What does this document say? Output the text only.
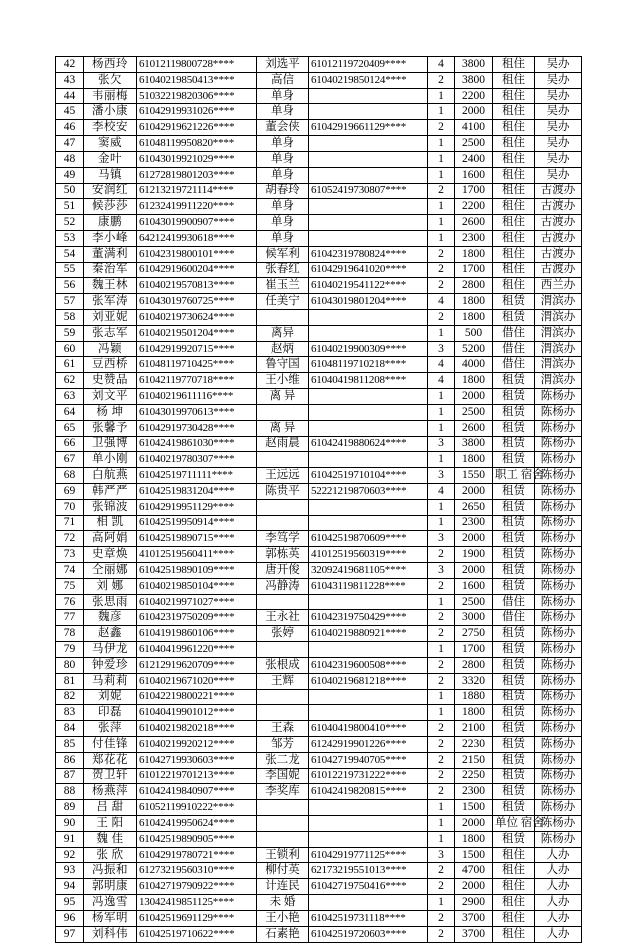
42	杨西玲	61012119800728****	刘选平	61012119720409****	4	3800	租住	吴办
43	张欠	61040219850413****	高信	61040219850124****	2	3800	租住	吴办
44	韦丽梅	51032219820306****	单身		1	2200	租住	吴办
45	潘小康	61042919931026****	单身		1	2000	租住	吴办
46	李校安	61042919621226****	董会侠	61042919661129****	2	4100	租住	吴办
47	窦威	61048119950820****	单身		1	2500	租住	吴办
48	金叶	61043019921029****	单身		1	2400	租住	吴办
49	马镇	61272819801203****	单身		1	1600	租住	吴办
50	安润红	61213219721114****	胡春玲	61052419730807****	2	1700	租住	古渡办
51	候莎莎	61232419911220****	单身		1	2200	租住	古渡办
52	康鹏	61043019900907****	单身		1	2600	租住	古渡办
53	李小峰	64212419930618****	单身		1	2300	租住	古渡办
54	董满利	61042319800101****	候军利	61042319780824****	2	1800	租住	古渡办
55	秦治军	61042919600204****	张春红	61042919641020****	2	1700	租住	古渡办
56	魏王林	61040219570813****	崔玉兰	61040219541122****	2	2800	租住	西兰办
57	张军涛	61043019760725****	任美宁	61043019801204****	4	1800	租赁	渭滨办
58	刘亚妮	61040219730624****			2	1800	租赁	渭滨办
59	张志军	61040219501204****	离异		1	500	借住	渭滨办
60	冯颖	61042919920715****	赵炳	61040219900309****	3	5200	借住	渭滨办
61	豆西桥	61048119710425****	鲁守国	61048119710218****	4	4000	借住	渭滨办
62	史赞品	61042119770718****	王小维	61040419811208****	4	1800	租赁	渭滨办
63	刘文平	61040219611116****	离 异		1	2000	租赁	陈杨办
64	杨 坤	61043019970613****			1	2500	租赁	陈杨办
65	张馨予	61042919730428****	离 异		1	2600	租赁	陈杨办
66	卫强博	61042419861030****	赵雨晨	61042419880624****	3	3800	租赁	陈杨办
67	单小刚	61040219780307****			1	1800	租赁	陈杨办
68	白航燕	61042519711111****	王远远	61042519710104****	3	1550	职工 宿舍	陈杨办
69	韩严严	61042519831204****	陈贵平	52221219870603****	4	2000	租赁	陈杨办
70	张锦波	61042919951129****			1	2650	租赁	陈杨办
71	相 凯	61042519950914****			1	2300	租赁	陈杨办
72	高阿娟	61042519890715****	李笃学	61042519870609****	3	2000	租赁	陈杨办
73	史章焕	41012519560411****	郭栋英	41012519560319****	2	1900	租赁	陈杨办
74	仝丽娜	61042519890109****	唐开俊	32092419681105****	3	2000	租赁	陈杨办
75	刘 娜	61040219850104****	冯静涛	61043119811228****	2	1600	租赁	陈杨办
76	张思雨	61040219971027****			1	2500	借住	陈杨办
77	魏彦	61042319750209****	王永社	61042319750429****	2	3000	借住	陈杨办
78	赵鑫	61041919860106****	张婷	61040219880921****	2	2750	租赁	陈杨办
79	马伊龙	61040419961220****			1	1700	租赁	陈杨办
80	钟爱珍	61212919620709****	张根成	61042319600508****	2	2800	租赁	陈杨办
81	马莉莉	61040219671020****	王辉	61040219681218****	2	3320	租赁	陈杨办
82	刘妮	61042219800221****			1	1880	租赁	陈杨办
83	印磊	61040419901012****			1	1800	租赁	陈杨办
84	张萍	61040219820218****	王森	61040419800410****	2	2100	租赁	陈杨办
85	付佳锋	61040219920212****	邹芳	61242919901226****	2	2230	租赁	陈杨办
86	郑花花	61042719930603****	张二龙	61042719940705****	2	2150	租赁	陈杨办
87	贺卫轩	61012219701213****	李国妮	61012219731222****	2	2250	租赁	陈杨办
88	杨燕萍	61042419840907****	李奖库	61042419820815****	2	2300	租赁	陈杨办
89	吕 甜	61052119910222****			1	1500	租赁	陈杨办
90	王 阳	61042419950624****			1	2000	单位 宿舍	陈杨办
91	魏 佳	61042519890905****			1	1800	租赁	陈杨办
92	张 欣	61042919780721****	王锁利	61042919771125****	3	1500	租住	人办
93	冯振和	61273219560310****	柳付英	62173219551013****	2	4700	租住	人办
94	郭明康	61042719790922****	计连民	61042719750416****	2	2000	租住	人办
95	冯逸雪	13042419851125****	未 婚		1	2900	租住	人办
96	杨军明	61042519691129****	王小艳	61042519731118****	2	3700	租住	人办
97	刘科伟	61042519710622****	石素艳	61042519720603****	2	3700	租住	人办
